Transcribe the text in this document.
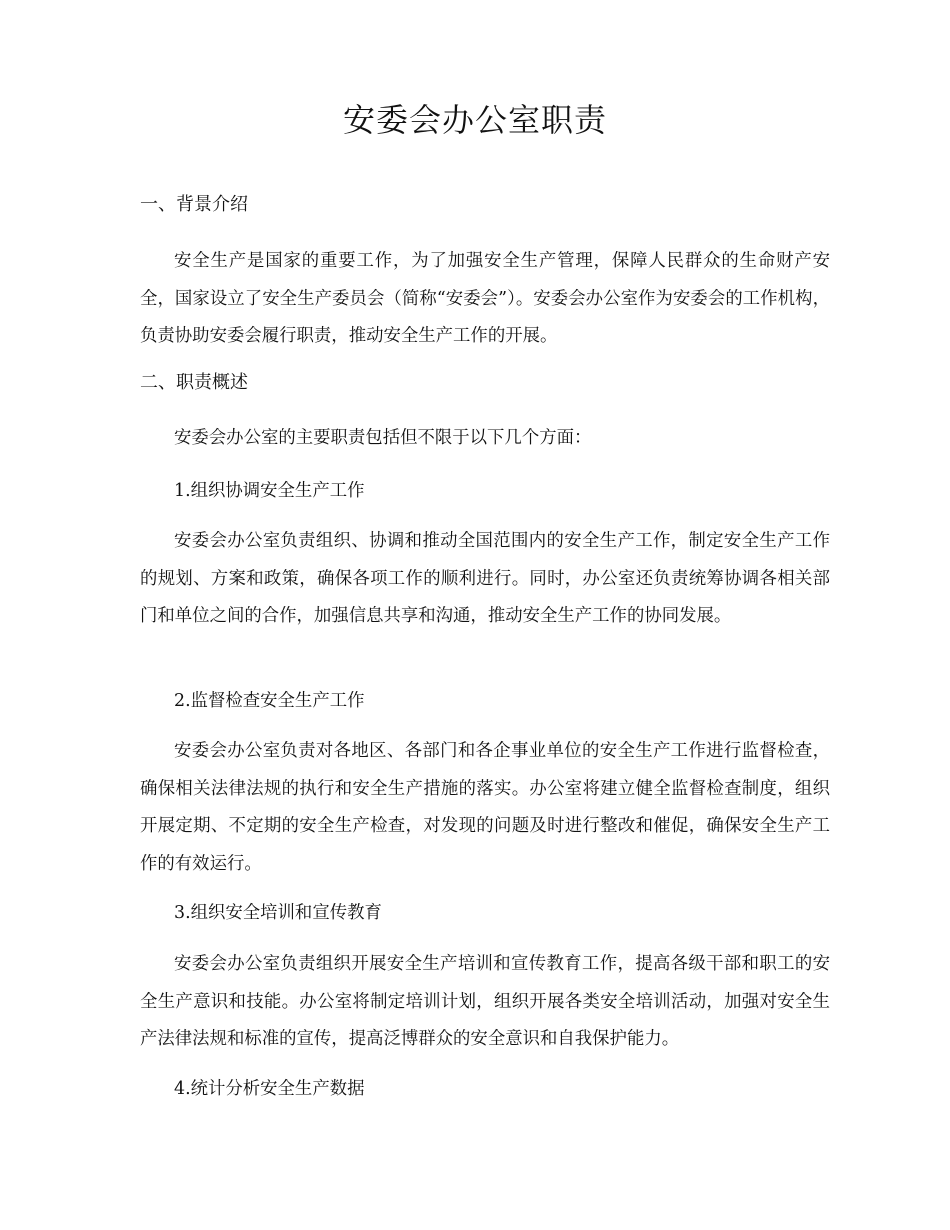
安委会办公室职责
一、背景介绍
安全生产是国家的重要工作，为了加强安全生产管理，保障人民群众的生命财产安全，国家设立了安全生产委员会（简称“安委会”）。安委会办公室作为安委会的工作机构，负责协助安委会履行职责，推动安全生产工作的开展。
二、职责概述
安委会办公室的主要职责包括但不限于以下几个方面：
1.组织协调安全生产工作
安委会办公室负责组织、协调和推动全国范围内的安全生产工作，制定安全生产工作的规划、方案和政策，确保各项工作的顺利进行。同时，办公室还负责统筹协调各相关部门和单位之间的合作，加强信息共享和沟通，推动安全生产工作的协同发展。
2.监督检查安全生产工作
安委会办公室负责对各地区、各部门和各企事业单位的安全生产工作进行监督检查，确保相关法律法规的执行和安全生产措施的落实。办公室将建立健全监督检查制度，组织开展定期、不定期的安全生产检查，对发现的问题及时进行整改和催促，确保安全生产工作的有效运行。
3.组织安全培训和宣传教育
安委会办公室负责组织开展安全生产培训和宣传教育工作，提高各级干部和职工的安全生产意识和技能。办公室将制定培训计划，组织开展各类安全培训活动，加强对安全生产法律法规和标准的宣传，提高泛博群众的安全意识和自我保护能力。
4.统计分析安全生产数据
